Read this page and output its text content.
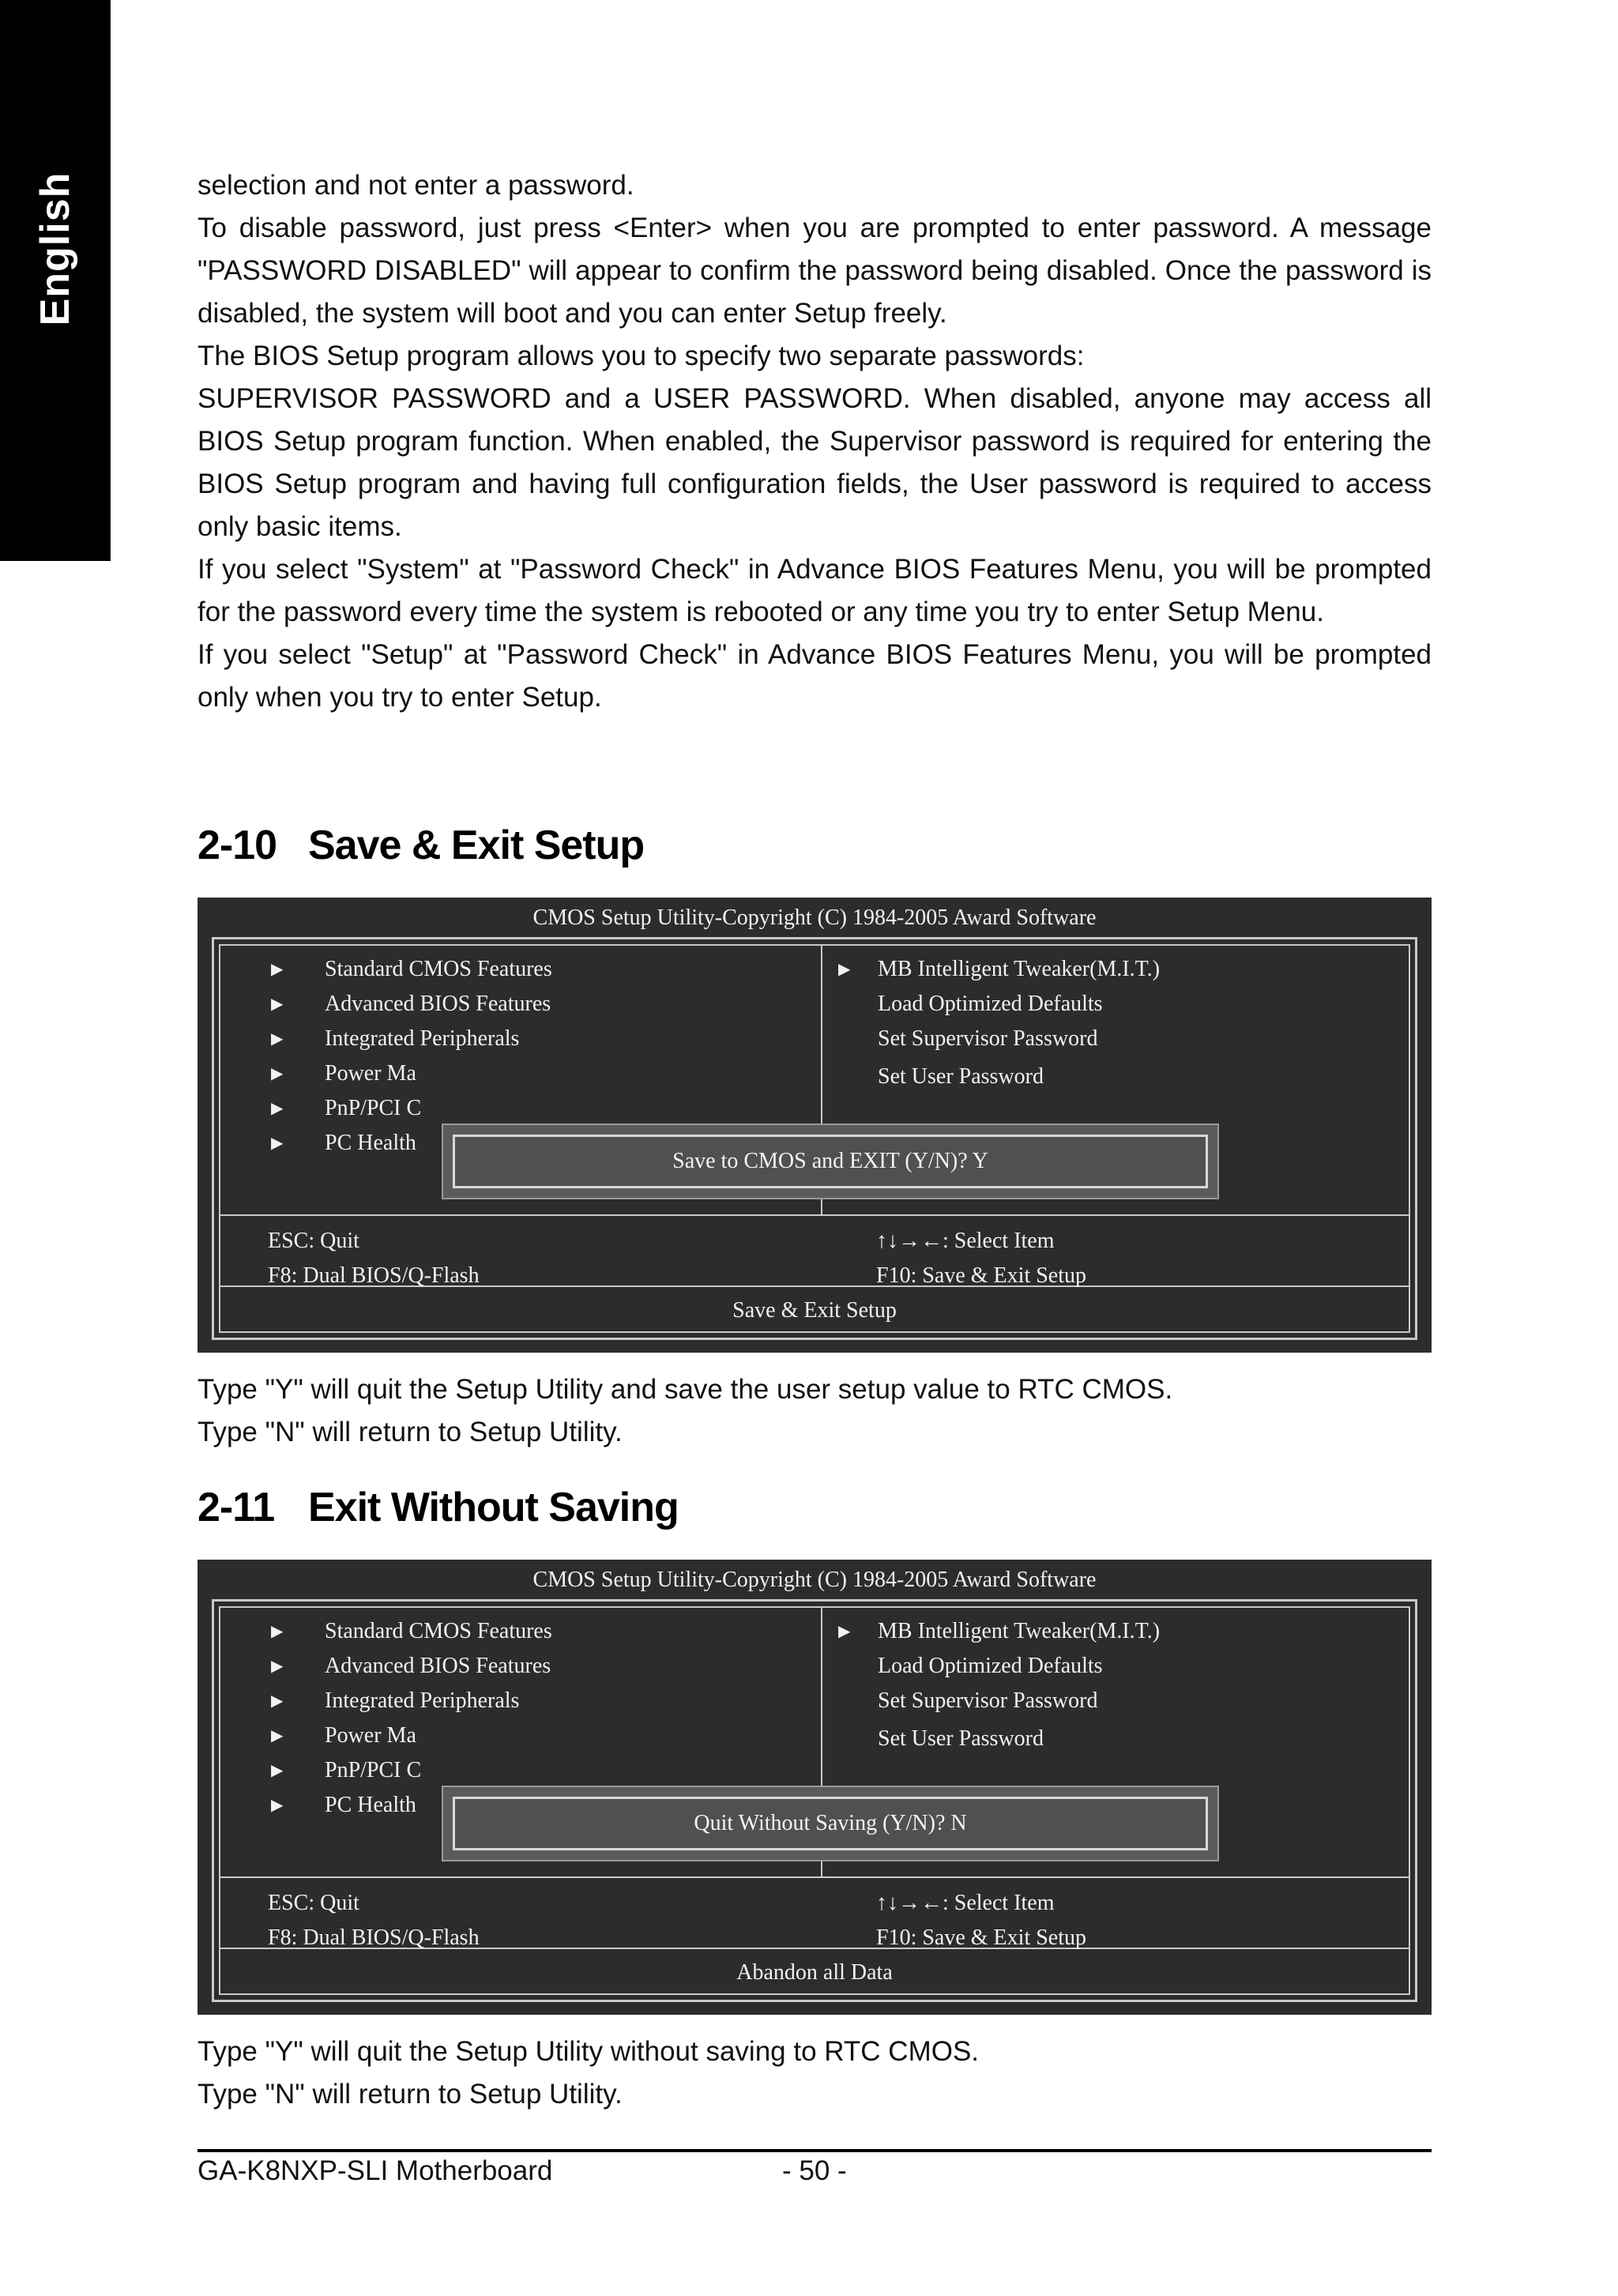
English	selection and not enter a password.

To disable password, just press <Enter> when you are prompted to enter password. A message "PASSWORD DISABLED" will appear to confirm the password being disabled. Once the password is disabled, the system will boot and you can enter Setup freely.

The BIOS Setup program allows you to specify two separate passwords:

SUPERVISOR PASSWORD and a USER PASSWORD. When disabled, anyone may access all BIOS Setup program function. When enabled, the Supervisor password is required for entering the BIOS Setup program and having full configuration fields, the User password is required to access only basic items.

If you select "System" at "Password Check" in Advance BIOS Features Menu, you will be prompted for the password every time the system is rebooted or any time you try to enter Setup Menu.

If you select "Setup" at "Password Check" in Advance BIOS Features Menu, you will be prompted only when you try to enter Setup.

2-10 Save & Exit Setup
CMOS Setup Utility-Copyright (C) 1984-2005 Award Software
▶ Standard CMOS Features
▶ Advanced BIOS Features
▶ Integrated Peripherals
▶ Power Ma
▶ PnP/PCI C
▶ PC Health
▶ MB Intelligent Tweaker(M.I.T.)
Load Optimized Defaults
Set Supervisor Password
Set User Password
ESC: Quit
F8: Dual BIOS/Q-Flash
↑↓→←: Select Item
F10: Save & Exit Setup
Save & Exit Setup
Save to CMOS and EXIT (Y/N)? Y

Type "Y" will quit the Setup Utility and save the user setup value to RTC CMOS.

Type "N" will return to Setup Utility.

2-11 Exit Without Saving
CMOS Setup Utility-Copyright (C) 1984-2005 Award Software
▶ Standard CMOS Features
▶ Advanced BIOS Features
▶ Integrated Peripherals
▶ Power Ma
▶ PnP/PCI C
▶ PC Health
▶ MB Intelligent Tweaker(M.I.T.)
Load Optimized Defaults
Set Supervisor Password
Set User Password
ESC: Quit
F8: Dual BIOS/Q-Flash
↑↓→←: Select Item
F10: Save & Exit Setup
Abandon all Data
Quit Without Saving (Y/N)? N

Type "Y" will quit the Setup Utility without saving to RTC CMOS.

Type "N" will return to Setup Utility.

GA-K8NXP-SLI Motherboard	- 50 -
